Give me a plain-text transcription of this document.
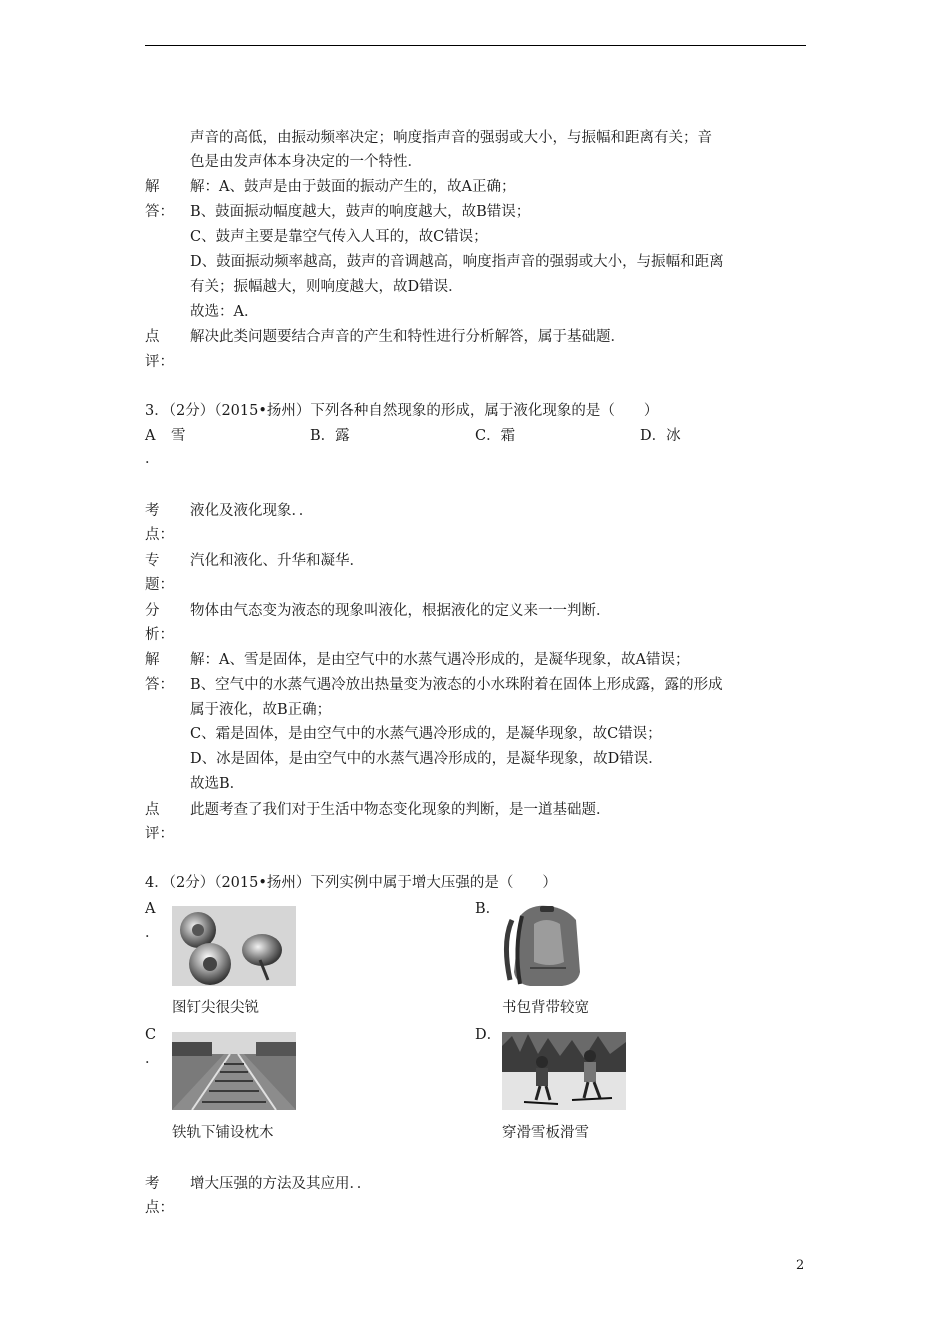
声音的高低，由振动频率决定；响度指声音的强弱或大小，与振幅和距离有关；音
色是由发声体本身决定的一个特性．
解	解：A、鼓声是由于鼓面的振动产生的，故A正确；
答： B、鼓面振动幅度越大，鼓声的响度越大，故B错误；
C、鼓声主要是靠空气传入人耳的，故C错误；
D、鼓面振动频率越高，鼓声的音调越高，响度指声音的强弱或大小，与振幅和距离
有关；振幅越大，则响度越大，故D错误．
故选：A．
点	解决此类问题要结合声音的产生和特性进行分析解答，属于基础题．
评：
3．（2分）（2015•扬州）下列各种自然现象的形成，属于液化现象的是（　　）
A
．
雪	B．露	C．霜	D．冰
考	液化及液化现象．．
点：
专	汽化和液化、升华和凝华．
题：
分	物体由气态变为液态的现象叫液化，根据液化的定义来一一判断．
析：
解	解：A、雪是固体，是由空气中的水蒸气遇冷形成的，是凝华现象，故A错误；
答： B、空气中的水蒸气遇冷放出热量变为液态的小水珠附着在固体上形成露，露的形成
属于液化，故B正确；
C、霜是固体，是由空气中的水蒸气遇冷形成的，是凝华现象，故C错误；
D、冰是固体，是由空气中的水蒸气遇冷形成的，是凝华现象，故D错误．
故选B．
点	此题考查了我们对于生活中物态变化现象的判断，是一道基础题．
评：
4．（2分）（2015•扬州）下列实例中属于增大压强的是（　　）
A
．
图钉尖很尖锐
B．
书包背带较宽
C
．
铁轨下铺设枕木
D．
穿滑雪板滑雪
考	增大压强的方法及其应用．．
点：
2
